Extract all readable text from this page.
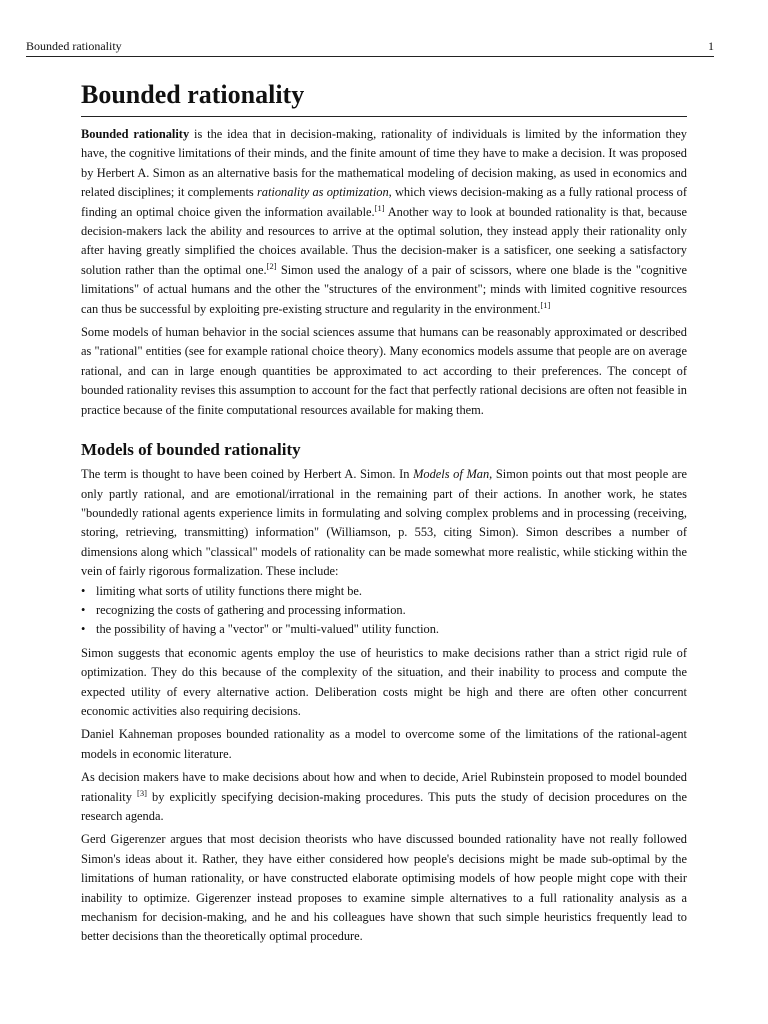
Bounded rationality	1
Bounded rationality

Bounded rationality is the idea that in decision-making, rationality of individuals is limited by the information they have, the cognitive limitations of their minds, and the finite amount of time they have to make a decision. It was proposed by Herbert A. Simon as an alternative basis for the mathematical modeling of decision making, as used in economics and related disciplines; it complements rationality as optimization, which views decision-making as a fully rational process of finding an optimal choice given the information available.[1] Another way to look at bounded rationality is that, because decision-makers lack the ability and resources to arrive at the optimal solution, they instead apply their rationality only after having greatly simplified the choices available. Thus the decision-maker is a satisficer, one seeking a satisfactory solution rather than the optimal one.[2] Simon used the analogy of a pair of scissors, where one blade is the "cognitive limitations" of actual humans and the other the "structures of the environment"; minds with limited cognitive resources can thus be successful by exploiting pre-existing structure and regularity in the environment.[1]

Some models of human behavior in the social sciences assume that humans can be reasonably approximated or described as "rational" entities (see for example rational choice theory). Many economics models assume that people are on average rational, and can in large enough quantities be approximated to act according to their preferences. The concept of bounded rationality revises this assumption to account for the fact that perfectly rational decisions are often not feasible in practice because of the finite computational resources available for making them.

Models of bounded rationality

The term is thought to have been coined by Herbert A. Simon. In Models of Man, Simon points out that most people are only partly rational, and are emotional/irrational in the remaining part of their actions. In another work, he states "boundedly rational agents experience limits in formulating and solving complex problems and in processing (receiving, storing, retrieving, transmitting) information" (Williamson, p. 553, citing Simon). Simon describes a number of dimensions along which "classical" models of rationality can be made somewhat more realistic, while sticking within the vein of fairly rigorous formalization. These include:

• limiting what sorts of utility functions there might be.
• recognizing the costs of gathering and processing information.
• the possibility of having a "vector" or "multi-valued" utility function.

Simon suggests that economic agents employ the use of heuristics to make decisions rather than a strict rigid rule of optimization. They do this because of the complexity of the situation, and their inability to process and compute the expected utility of every alternative action. Deliberation costs might be high and there are often other concurrent economic activities also requiring decisions.

Daniel Kahneman proposes bounded rationality as a model to overcome some of the limitations of the rational-agent models in economic literature.

As decision makers have to make decisions about how and when to decide, Ariel Rubinstein proposed to model bounded rationality [3] by explicitly specifying decision-making procedures. This puts the study of decision procedures on the research agenda.

Gerd Gigerenzer argues that most decision theorists who have discussed bounded rationality have not really followed Simon's ideas about it. Rather, they have either considered how people's decisions might be made sub-optimal by the limitations of human rationality, or have constructed elaborate optimising models of how people might cope with their inability to optimize. Gigerenzer instead proposes to examine simple alternatives to a full rationality analysis as a mechanism for decision-making, and he and his colleagues have shown that such simple heuristics frequently lead to better decisions than the theoretically optimal procedure.
